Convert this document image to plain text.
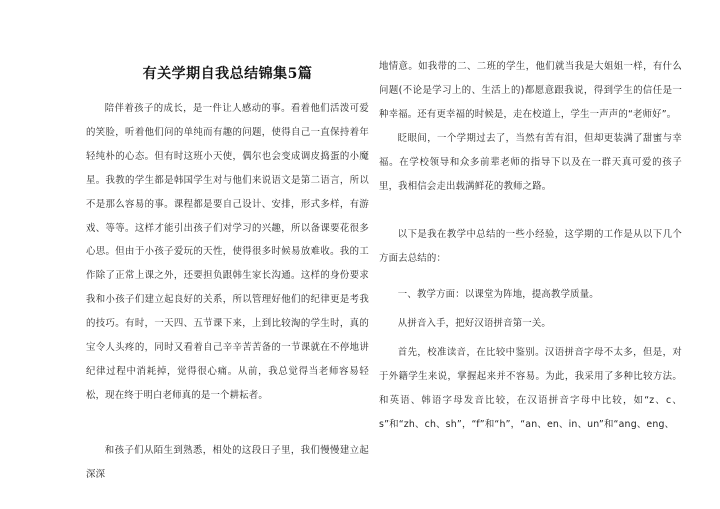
有关学期自我总结锦集5篇

陪伴着孩子的成长，是一件让人感动的事。看着他们活泼可爱的笑脸，听着他们问的单纯而有趣的问题，使得自己一直保持着年轻纯朴的心态。但有时这班小天使，偶尔也会变成调皮捣蛋的小魔星。我教的学生都是韩国学生对与他们来说语文是第二语言，所以不是那么容易的事。课程都是要自己设计、安排，形式多样，有游戏、等等。这样才能引出孩子们对学习的兴趣，所以备课要花很多心思。但由于小孩子爱玩的天性，使得很多时候易放难收。我的工作除了正常上课之外，还要担负跟韩生家长沟通。这样的身份要求我和小孩子们建立起良好的关系，所以管理好他们的纪律更是考我的技巧。有时，一天四、五节课下来，上到比较淘的学生时，真的宝令人头疼的，同时又看着自己辛辛苦苦备的一节课就在不停地讲纪律过程中消耗掉，觉得很心痛。从前，我总觉得当老师容易轻松，现在终于明白老师真的是一个耕耘者。

和孩子们从陌生到熟悉，相处的这段日子里，我们慢慢建立起深深

地情意。如我带的二、二班的学生，他们就当我是大姐姐一样，有什么问题(不论是学习上的、生活上的)都愿意跟我说，得到学生的信任是一种幸福。还有更幸福的时候是，走在校道上，学生一声声的“老师好”。

眨眼间，一个学期过去了，当然有苦有泪，但却更装满了甜蜜与幸福。在学校领导和众多前辈老师的指导下以及在一群天真可爱的孩子里，我相信会走出载满鲜花的教师之路。

以下是我在教学中总结的一些小经验，这学期的工作是从以下几个方面去总结的：

一、教学方面：以课堂为阵地，提高教学质量。

从拼音入手，把好汉语拼音第一关。

首先，校准读音，在比较中鉴别。汉语拼音字母不太多，但是，对于外籍学生来说，掌握起来并不容易。为此，我采用了多种比较方法。和英语、韩语字母发音比较，在汉语拼音字母中比较，如“z、c、s”和“zh、ch、sh”，“f”和“h”，“an、en、in、un”和“ang、eng、
